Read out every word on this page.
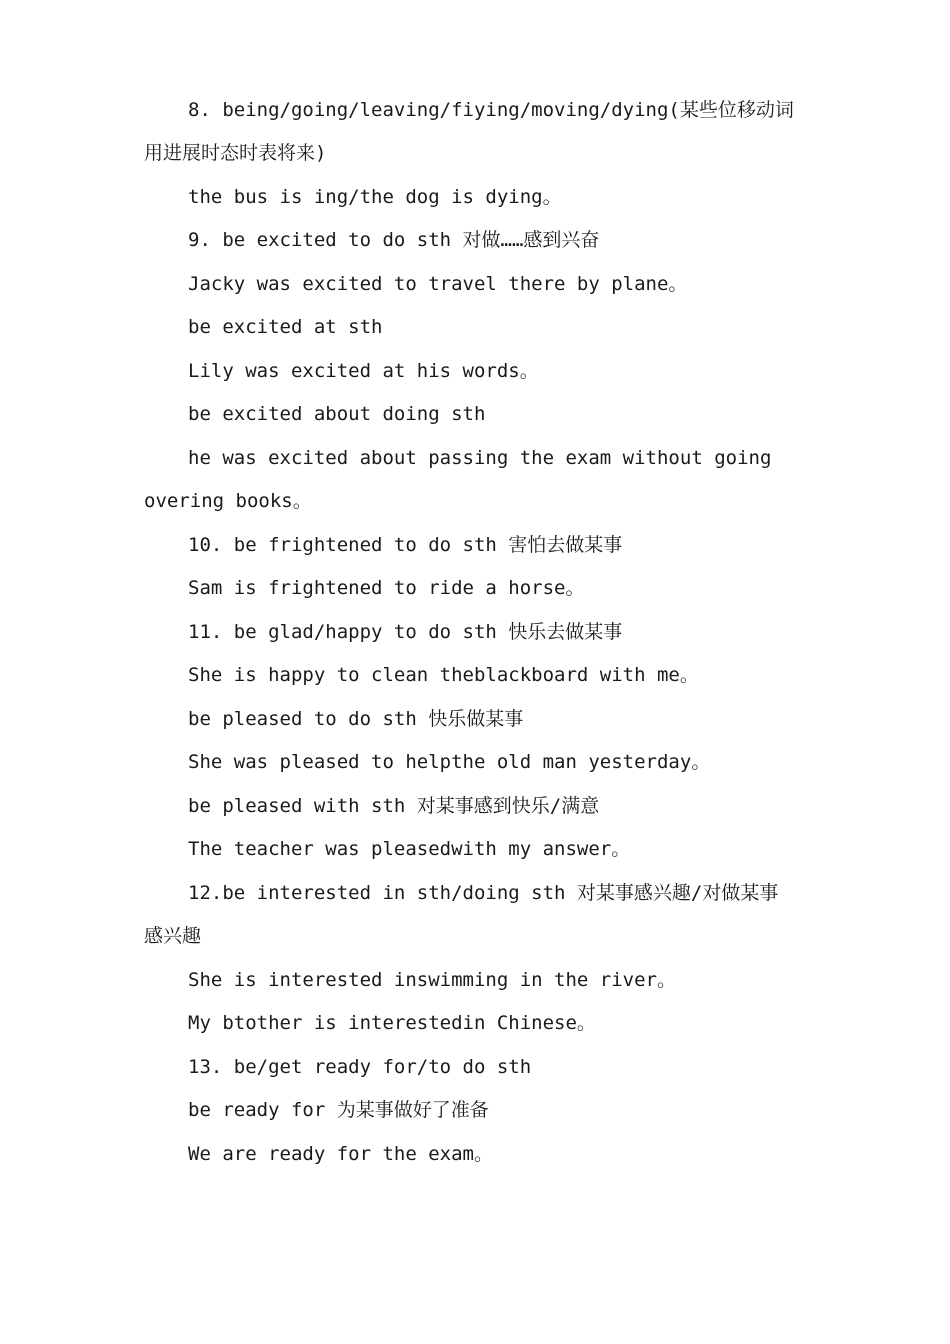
8. being/going/leaving/fiying/moving/dying(某些位移动词
用进展时态时表将来)
the bus is ing/the dog is dying。
9. be excited to do sth 对做……感到兴奋
Jacky was excited to travel there by plane。
be excited at sth
Lily was excited at his words。
be excited about doing sth
he was excited about passing the exam without going
overing books。
10. be frightened to do sth 害怕去做某事
Sam is frightened to ride a horse。
11. be glad/happy to do sth 快乐去做某事
She is happy to clean theblackboard with me。
be pleased to do sth 快乐做某事
She was pleased to helpthe old man yesterday。
be pleased with sth 对某事感到快乐/满意
The teacher was pleasedwith my answer。
12.be interested in sth/doing sth 对某事感兴趣/对做某事
感兴趣
She is interested inswimming in the river。
My btother is interestedin Chinese。
13. be/get ready for/to do sth
be ready for 为某事做好了准备
We are ready for the exam。
